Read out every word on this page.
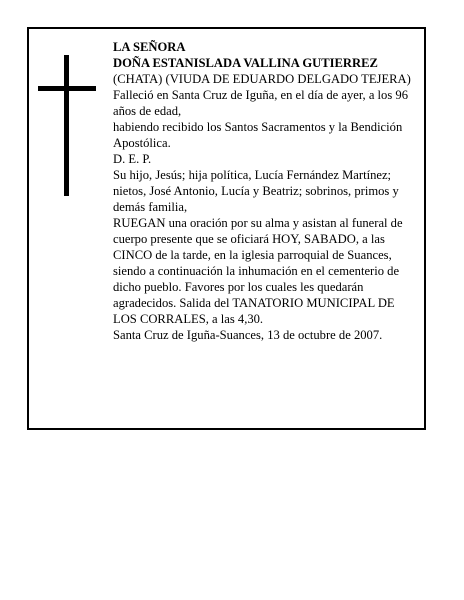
LA SEÑORA

DOÑA ESTANISLADA VALLINA GUTIERREZ

(CHATA) (VIUDA DE EDUARDO DELGADO TEJERA)

Falleció en Santa Cruz de Iguña, en el día de ayer, a los 96 años de edad,

habiendo recibido los Santos Sacramentos y la Bendición Apostólica.

D. E. P.

Su hijo, Jesús; hija política, Lucía Fernández Martínez; nietos, José Antonio, Lucía y Beatriz; sobrinos, primos y demás familia,

RUEGAN una oración por su alma y asistan al funeral de cuerpo presente que se oficiará HOY, SABADO, a las CINCO de la tarde, en la iglesia parroquial de Suances, siendo a continuación la inhumación en el cementerio de dicho pueblo. Favores por los cuales les quedarán agradecidos. Salida del TANATORIO MUNICIPAL DE LOS CORRALES, a las 4,30.

Santa Cruz de Iguña-Suances, 13 de octubre de 2007.
